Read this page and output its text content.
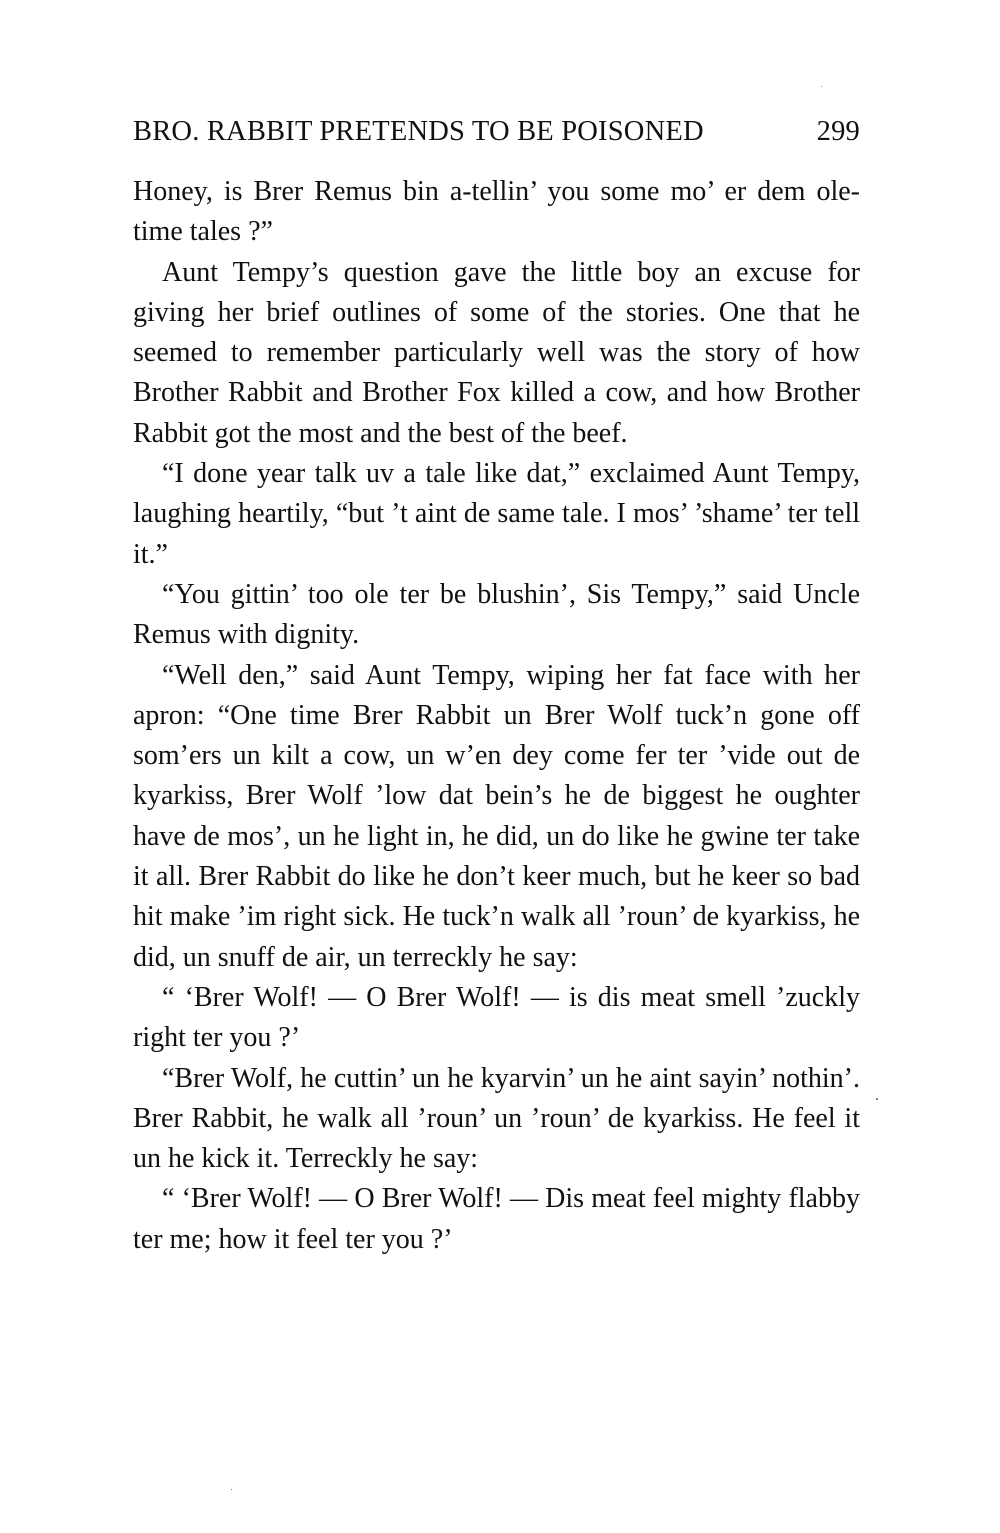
BRO. RABBIT PRETENDS TO BE POISONED	299

Honey, is Brer Remus bin a-tellin’ you some mo’ er dem ole-time tales ?”

Aunt Tempy’s question gave the little boy an excuse for giving her brief outlines of some of the stories. One that he seemed to remember particularly well was the story of how Brother Rabbit and Brother Fox killed a cow, and how Brother Rabbit got the most and the best of the beef.

“I done year talk uv a tale like dat,” exclaimed Aunt Tempy, laughing heartily, “but ’t aint de same tale. I mos’ ’shame’ ter tell it.”

“You gittin’ too ole ter be blushin’, Sis Tempy,” said Uncle Remus with dignity.

“Well den,” said Aunt Tempy, wiping her fat face with her apron: “One time Brer Rabbit un Brer Wolf tuck’n gone off som’ers un kilt a cow, un w’en dey come fer ter ’vide out de kyarkiss, Brer Wolf ’low dat bein’s he de biggest he oughter have de mos’, un he light in, he did, un do like he gwine ter take it all. Brer Rabbit do like he don’t keer much, but he keer so bad hit make ’im right sick. He tuck’n walk all ’roun’ de kyarkiss, he did, un snuff de air, un terreckly he say:

“ ‘Brer Wolf! — O Brer Wolf! — is dis meat smell ’zuckly right ter you ?’

“Brer Wolf, he cuttin’ un he kyarvin’ un he aint sayin’ nothin’. Brer Rabbit, he walk all ’roun’ un ’roun’ de kyarkiss. He feel it un he kick it. Terreckly he say:

“ ‘Brer Wolf! — O Brer Wolf! — Dis meat feel mighty flabby ter me; how it feel ter you ?’
